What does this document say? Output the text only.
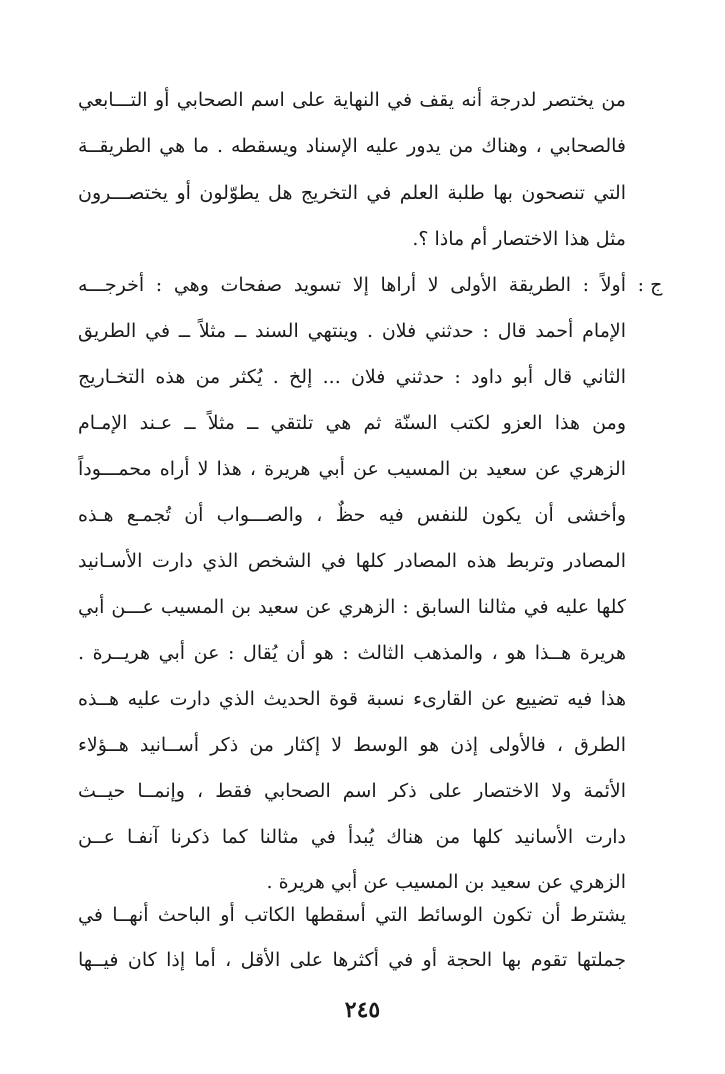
من يختصر لدرجة أنه يقف في النهاية على اسم الصحابي أو التـــابعي
فالصحابي ، وهناك من يدور عليه الإسناد ويسقطه . ما هي الطريقــة
التي تنصحون بها طلبة العلم في التخريج هل يطوّلون أو يختصـــرون
مثل هذا الاختصار أم ماذا ؟.
ج :
أولاً : الطريقة الأولى لا أراها إلا تسويد صفحات وهي : أخرجـــه
الإمام أحمد قال : حدثني فلان . وينتهي السند ــ مثلاً ــ في الطريق
الثاني قال أبو داود : حدثني فلان ... إلخ . يُكثر من هذه التخـاريج
ومن هذا العزو لكتب السنّة ثم هي تلتقي ــ مثلاً ــ عـند الإمـام
الزهري عن سعيد بن المسيب عن أبي هريرة ، هذا لا أراه محمـــوداً
وأخشى أن يكون للنفس فيه حظٌ ، والصـــواب أن تُجمـع هـذه
المصادر وتربط هذه المصادر كلها في الشخص الذي دارت الأسـانيد
كلها عليه في مثالنا السابق : الزهري عن سعيد بن المسيب عـــن أبي
هريرة هــذا هو ، والمذهب الثالث : هو أن يُقال : عن أبي هريــرة .
هذا فيه تضييع عن القارىء نسبة قوة الحديث الذي دارت عليه هــذه
الطرق ، فالأولى إذن هو الوسط لا إكثار من ذكر أســانيد هــؤلاء
الأئمة ولا الاختصار على ذكر اسم الصحابي فقط ، وإنمــا حيــث
دارت الأسانيد كلها من هناك يُبدأ في مثالنا كما ذكرنا آنفـا عــن
الزهري عن سعيد بن المسيب عن أبي هريرة .
يشترط أن تكون الوسائط التي أسقطها الكاتب أو الباحث أنهــا في
جملتها تقوم بها الحجة أو في أكثرها على الأقل ، أما إذا كان فيــها
٢٤٥
